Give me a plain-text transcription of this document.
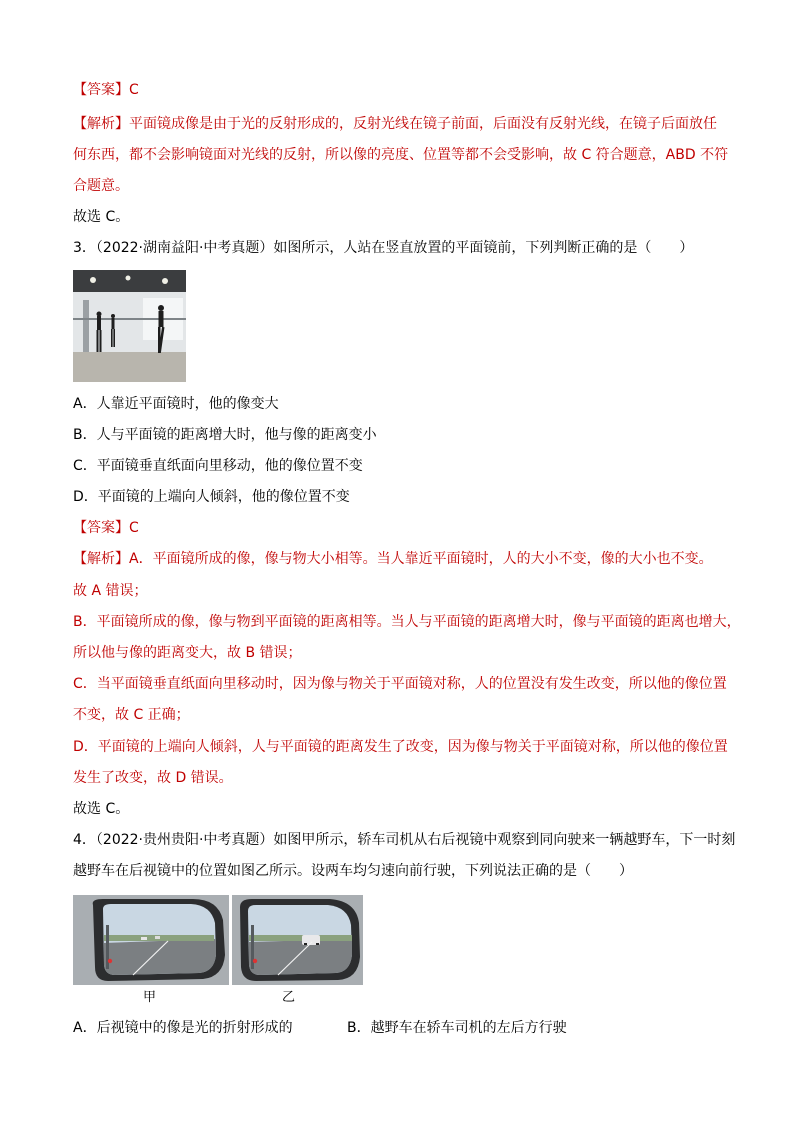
【答案】C
【解析】平面镜成像是由于光的反射形成的，反射光线在镜子前面，后面没有反射光线，在镜子后面放任
何东西，都不会影响镜面对光线的反射，所以像的亮度、位置等都不会受影响，故 C 符合题意，ABD 不符
合题意。
故选 C。
3．（2022·湖南益阳·中考真题）如图所示，人站在竖直放置的平面镜前，下列判断正确的是（　　）
A．人靠近平面镜时，他的像变大
B．人与平面镜的距离增大时，他与像的距离变小
C．平面镜垂直纸面向里移动，他的像位置不变
D．平面镜的上端向人倾斜，他的像位置不变
【答案】C
【解析】A．平面镜所成的像，像与物大小相等。当人靠近平面镜时，人的大小不变，像的大小也不变。
故 A 错误；
B．平面镜所成的像，像与物到平面镜的距离相等。当人与平面镜的距离增大时，像与平面镜的距离也增大，
所以他与像的距离变大，故 B 错误；
C．当平面镜垂直纸面向里移动时，因为像与物关于平面镜对称，人的位置没有发生改变，所以他的像位置
不变，故 C 正确；
D．平面镜的上端向人倾斜，人与平面镜的距离发生了改变，因为像与物关于平面镜对称，所以他的像位置
发生了改变，故 D 错误。
故选 C。
4．（2022·贵州贵阳·中考真题）如图甲所示，轿车司机从右后视镜中观察到同向驶来一辆越野车，下一时刻
越野车在后视镜中的位置如图乙所示。设两车均匀速向前行驶，下列说法正确的是（　　）
甲	乙
A．后视镜中的像是光的折射形成的	B．越野车在轿车司机的左后方行驶
